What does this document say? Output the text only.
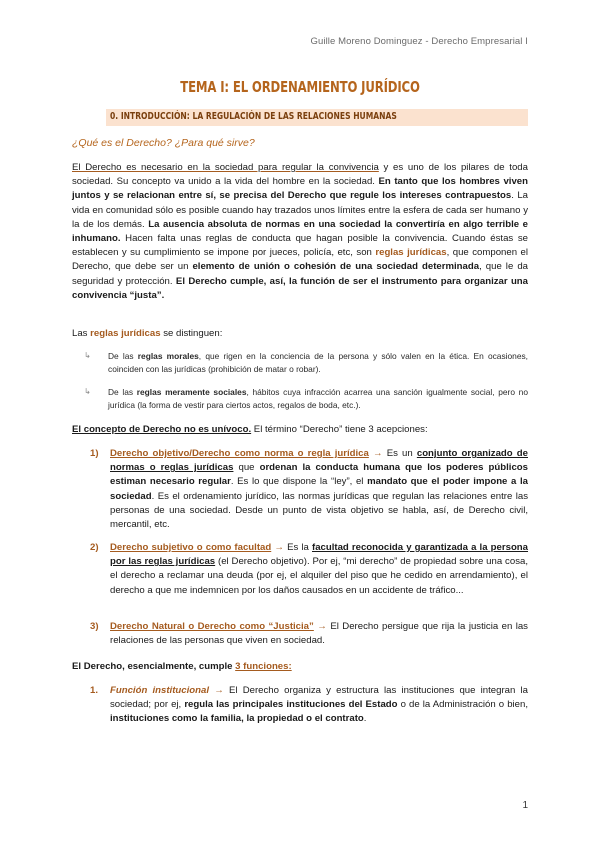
Guille Moreno Dominguez - Derecho Empresarial I
TEMA I: EL ORDENAMIENTO JURÍDICO
0. INTRODUCCIÓN: LA REGULACIÓN DE LAS RELACIONES HUMANAS
¿Qué es el Derecho? ¿Para qué sirve?
El Derecho es necesario en la sociedad para regular la convivencia y es uno de los pilares de toda sociedad. Su concepto va unido a la vida del hombre en la sociedad. En tanto que los hombres viven juntos y se relacionan entre sí, se precisa del Derecho que regule los intereses contrapuestos. La vida en comunidad sólo es posible cuando hay trazados unos límites entre la esfera de cada ser humano y la de los demás. La ausencia absoluta de normas en una sociedad la convertiría en algo terrible e inhumano. Hacen falta unas reglas de conducta que hagan posible la convivencia. Cuando éstas se establecen y su cumplimiento se impone por jueces, policía, etc, son reglas jurídicas, que componen el Derecho, que debe ser un elemento de unión o cohesión de una sociedad determinada, que le da seguridad y protección. El Derecho cumple, así, la función de ser el instrumento para organizar una convivencia “justa”.
Las reglas jurídicas se distinguen:
↳ De las reglas morales, que rigen en la conciencia de la persona y sólo valen en la ética. En ocasiones, coinciden con las jurídicas (prohibición de matar o robar).
↳ De las reglas meramente sociales, hábitos cuya infracción acarrea una sanción igualmente social, pero no jurídica (la forma de vestir para ciertos actos, regalos de boda, etc.).
El concepto de Derecho no es unívoco. El término “Derecho” tiene 3 acepciones:
1) Derecho objetivo/Derecho como norma o regla jurídica → Es un conjunto organizado de normas o reglas jurídicas que ordenan la conducta humana que los poderes públicos estiman necesario regular. Es lo que dispone la “ley”, el mandato que el poder impone a la sociedad. Es el ordenamiento jurídico, las normas jurídicas que regulan las relaciones entre las personas de una sociedad. Desde un punto de vista objetivo se habla, así, de Derecho civil, mercantil, etc.
2) Derecho subjetivo o como facultad → Es la facultad reconocida y garantizada a la persona por las reglas jurídicas (el Derecho objetivo). Por ej, “mi derecho” de propiedad sobre una cosa, el derecho a reclamar una deuda (por ej, el alquiler del piso que he cedido en arrendamiento), el derecho a que me indemnicen por los daños causados en un accidente de tráfico...
3) Derecho Natural o Derecho como “Justicia” → El Derecho persigue que rija la justicia en las relaciones de las personas que viven en sociedad.
El Derecho, esencialmente, cumple 3 funciones:
1. Función institucional → El Derecho organiza y estructura las instituciones que integran la sociedad; por ej, regula las principales instituciones del Estado o de la Administración o bien, instituciones como la familia, la propiedad o el contrato.
1
